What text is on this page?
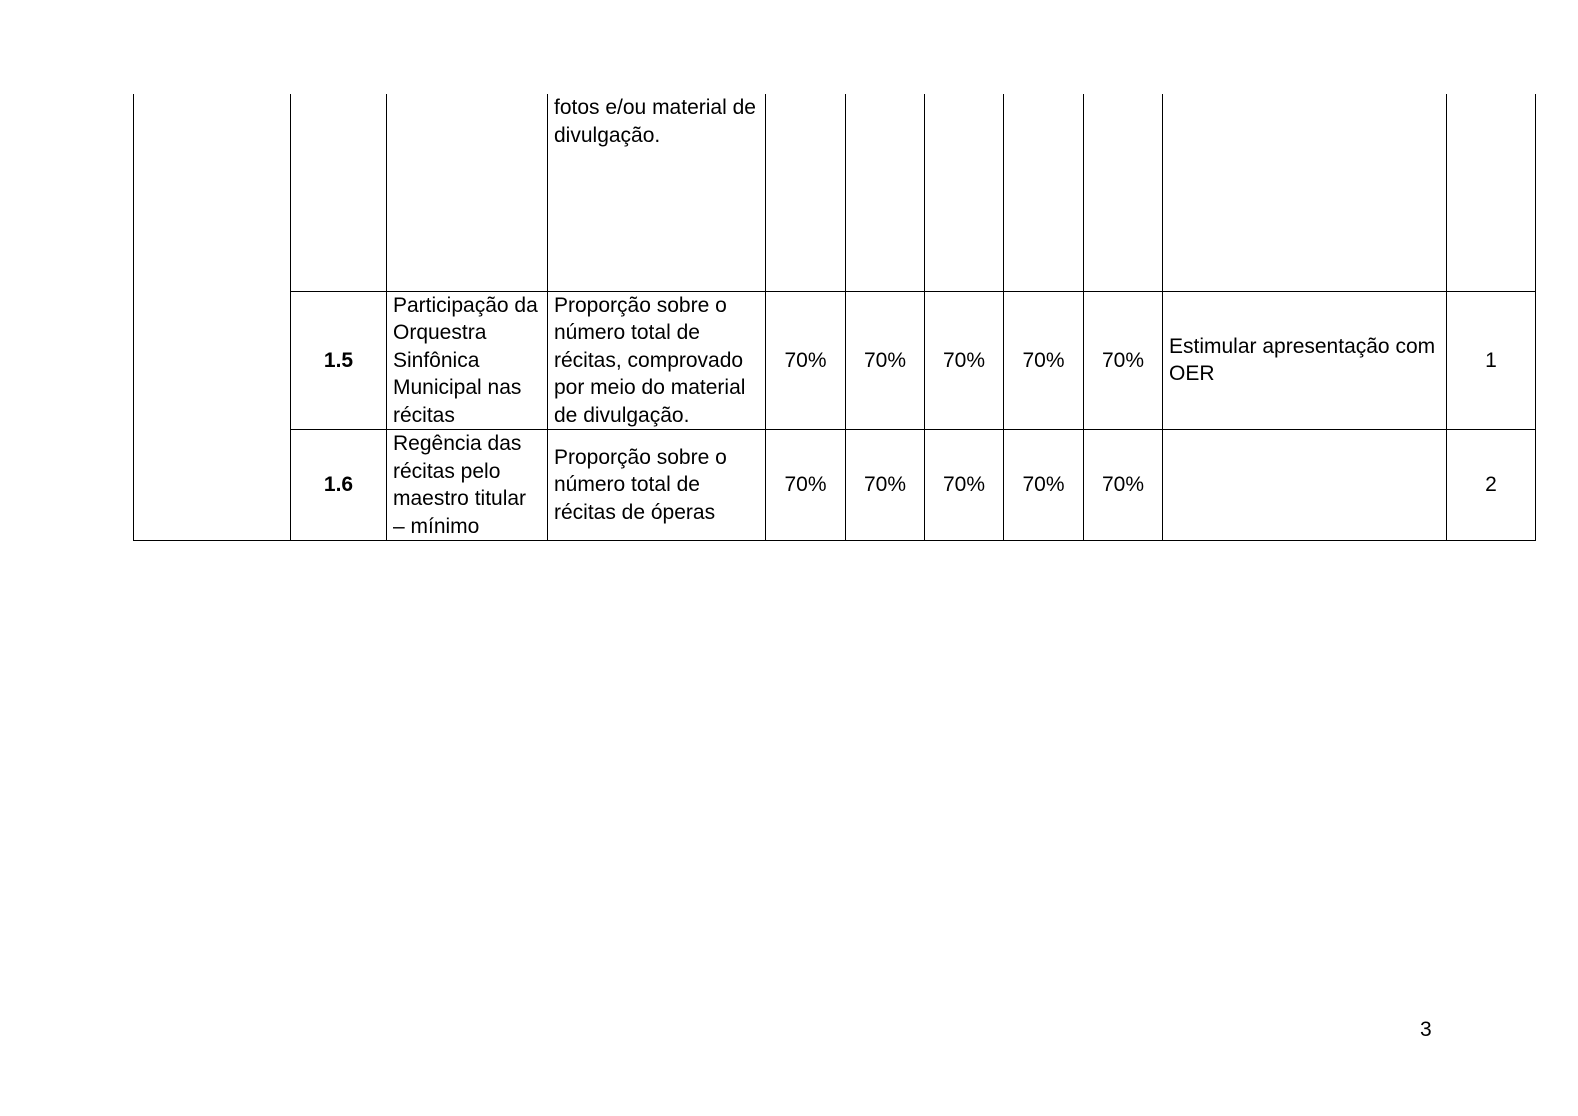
			fotos e/ou material de divulgação.							
	1.5	Participação da Orquestra Sinfônica Municipal nas récitas	Proporção sobre o número total de récitas, comprovado por meio do material de divulgação.	70%	70%	70%	70%	70%	Estimular apresentação com OER	1
	1.6	Regência das récitas pelo maestro titular – mínimo	Proporção sobre o número total de récitas de óperas	70%	70%	70%	70%	70%		2
3
